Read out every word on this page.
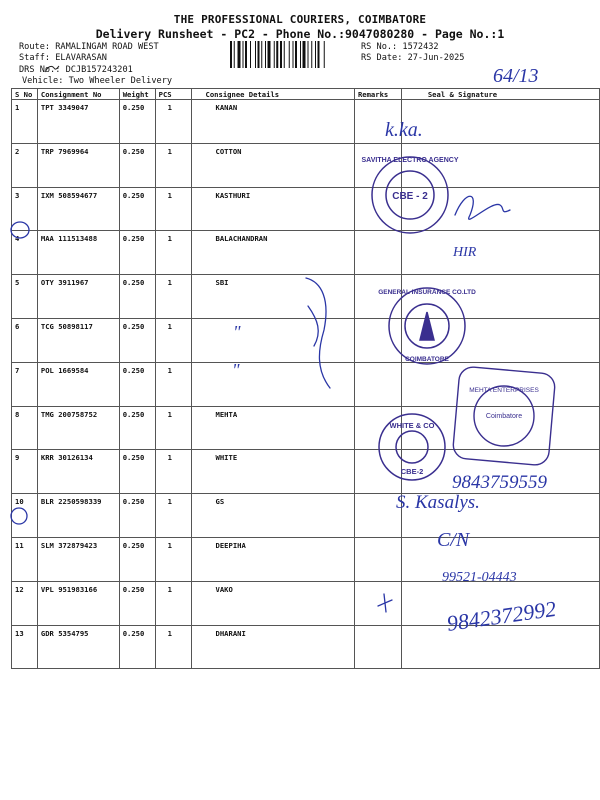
THE PROFESSIONAL COURIERS, COIMBATORE
Delivery Runsheet - PC2 - Phone No.:9047080280 - Page No.:1
Route: RAMALINGAM ROAD WEST
Staff: ELAVARASAN
DRS No.: DCJB157243201
Vehicle: Two Wheeler Delivery
RS No.: 1572432
RS Date: 27-Jun-2025
S No	Consignment No	Weight	PCS	Consignee Details	Remarks	Seal & Signature
1	TPT 3349047	0.250	1	KANAN		
2	TRP 7969964	0.250	1	COTTON		
3	IXM 508594677	0.250	1	KASTHURI		
4	MAA 111513488	0.250	1	BALACHANDRAN		
5	OTY 3911967	0.250	1	SBI		
6	TCG 50898117	0.250	1			
7	POL 1669584	0.250	1			
8	TMG 200758752	0.250	1	MEHTA		
9	KRR 30126134	0.250	1	WHITE		
10	BLR 2250598339	0.250	1	GS		
11	SLM 372879423	0.250	1	DEEPIHA		
12	VPL 951983166	0.250	1	VAKO		
13	GDR 5354795	0.250	1	DHARANI		
64/13
k.ka.
HIR
"
"
9843759559
S. Kasalys.
C/N
99521-04443
9842372992
CBE - 2
SAVITHA ELECTRO AGENCY
GENERAL INSURANCE CO.LTD
COIMBATORE
MEHTA ENTERPRISES
Coimbatore
WHITE & CO
CBE-2
